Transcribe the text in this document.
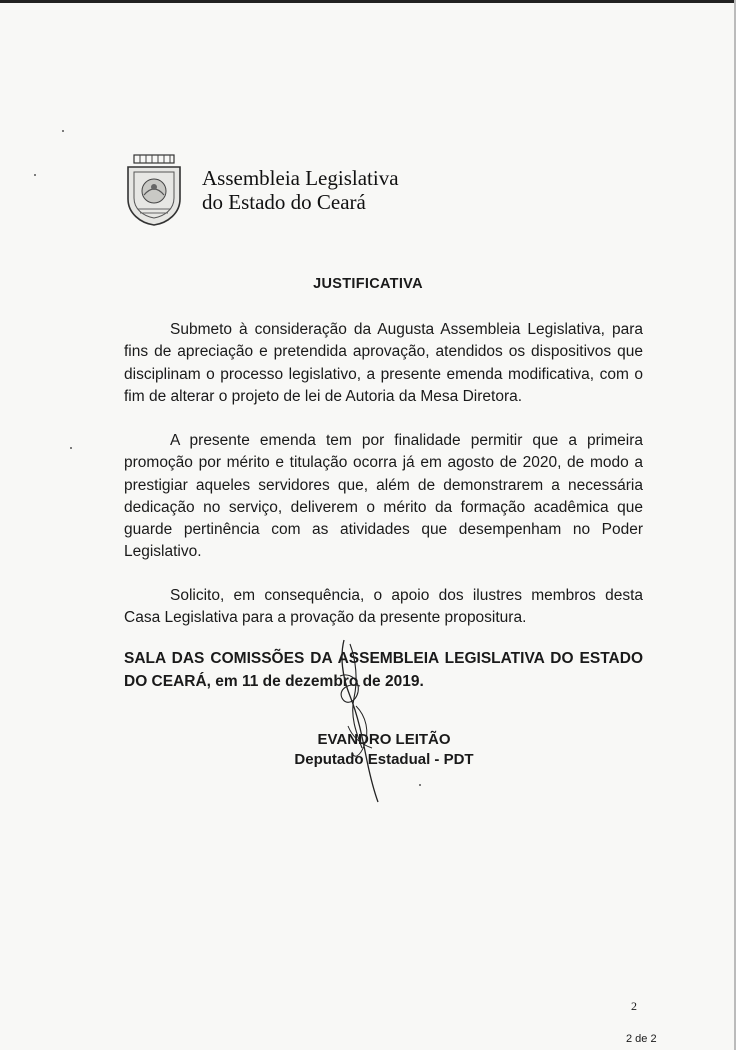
Assembleia Legislativa
do Estado do Ceará
JUSTIFICATIVA
Submeto à consideração da Augusta Assembleia Legislativa, para fins de apreciação e pretendida aprovação, atendidos os dispositivos que disciplinam o processo legislativo, a presente emenda modificativa, com o fim de alterar o projeto de lei de Autoria da Mesa Diretora.
A presente emenda tem por finalidade permitir que a primeira promoção por mérito e titulação ocorra já em agosto de 2020, de modo a prestigiar aqueles servidores que, além de demonstrarem a necessária dedicação no serviço, deliverem o mérito da formação acadêmica que guarde pertinência com as atividades que desempenham no Poder Legislativo.
Solicito, em consequência, o apoio dos ilustres membros desta Casa Legislativa para a provação da presente propositura.
SALA DAS COMISSÕES DA ASSEMBLEIA LEGISLATIVA DO ESTADO DO CEARÁ, em 11 de dezembro de 2019.
EVANDRO LEITÃO
Deputado Estadual - PDT
2
2 de 2
